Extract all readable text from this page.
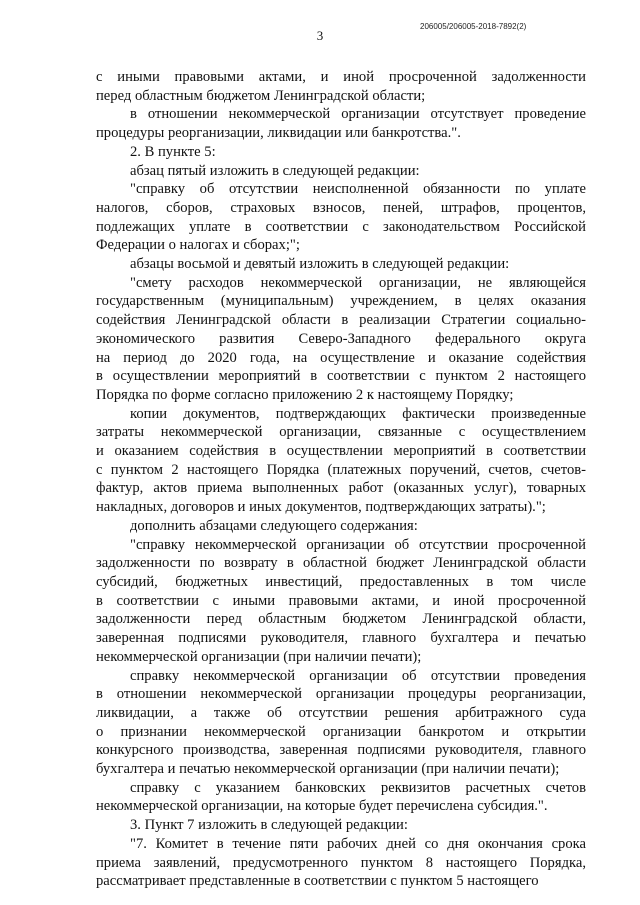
3
206005/206005-2018-7892(2)
с иными правовыми актами, и иной просроченной задолженности
перед областным бюджетом Ленинградской области;
в отношении некоммерческой организации отсутствует проведение
процедуры реорганизации, ликвидации или банкротства.".
2. В пункте 5:
абзац пятый изложить в следующей редакции:
"справку об отсутствии неисполненной обязанности по уплате
налогов, сборов, страховых взносов, пеней, штрафов, процентов,
подлежащих уплате в соответствии с законодательством Российской
Федерации о налогах и сборах;";
абзацы восьмой и девятый изложить в следующей редакции:
"смету расходов некоммерческой организации, не являющейся
государственным (муниципальным) учреждением, в целях оказания
содействия Ленинградской области в реализации Стратегии социально-
экономического развития Северо-Западного федерального округа
на период до 2020 года, на осуществление и оказание содействия
в осуществлении мероприятий в соответствии с пунктом 2 настоящего
Порядка по форме согласно приложению 2 к настоящему Порядку;
копии документов, подтверждающих фактически произведенные
затраты некоммерческой организации, связанные с осуществлением
и оказанием содействия в осуществлении мероприятий в соответствии
с пунктом 2 настоящего Порядка (платежных поручений, счетов, счетов-
фактур, актов приема выполненных работ (оказанных услуг), товарных
накладных, договоров и иных документов, подтверждающих затраты).";
дополнить абзацами следующего содержания:
"справку некоммерческой организации об отсутствии просроченной
задолженности по возврату в областной бюджет Ленинградской области
субсидий, бюджетных инвестиций, предоставленных в том числе
в соответствии с иными правовыми актами, и иной просроченной
задолженности перед областным бюджетом Ленинградской области,
заверенная подписями руководителя, главного бухгалтера и печатью
некоммерческой организации (при наличии печати);
справку некоммерческой организации об отсутствии проведения
в отношении некоммерческой организации процедуры реорганизации,
ликвидации, а также об отсутствии решения арбитражного суда
о признании некоммерческой организации банкротом и открытии
конкурсного производства, заверенная подписями руководителя, главного
бухгалтера и печатью некоммерческой организации (при наличии печати);
справку с указанием банковских реквизитов расчетных счетов
некоммерческой организации, на которые будет перечислена субсидия.".
3. Пункт 7 изложить в следующей редакции:
"7. Комитет в течение пяти рабочих дней со дня окончания срока
приема заявлений, предусмотренного пунктом 8 настоящего Порядка,
рассматривает представленные в соответствии с пунктом 5 настоящего
